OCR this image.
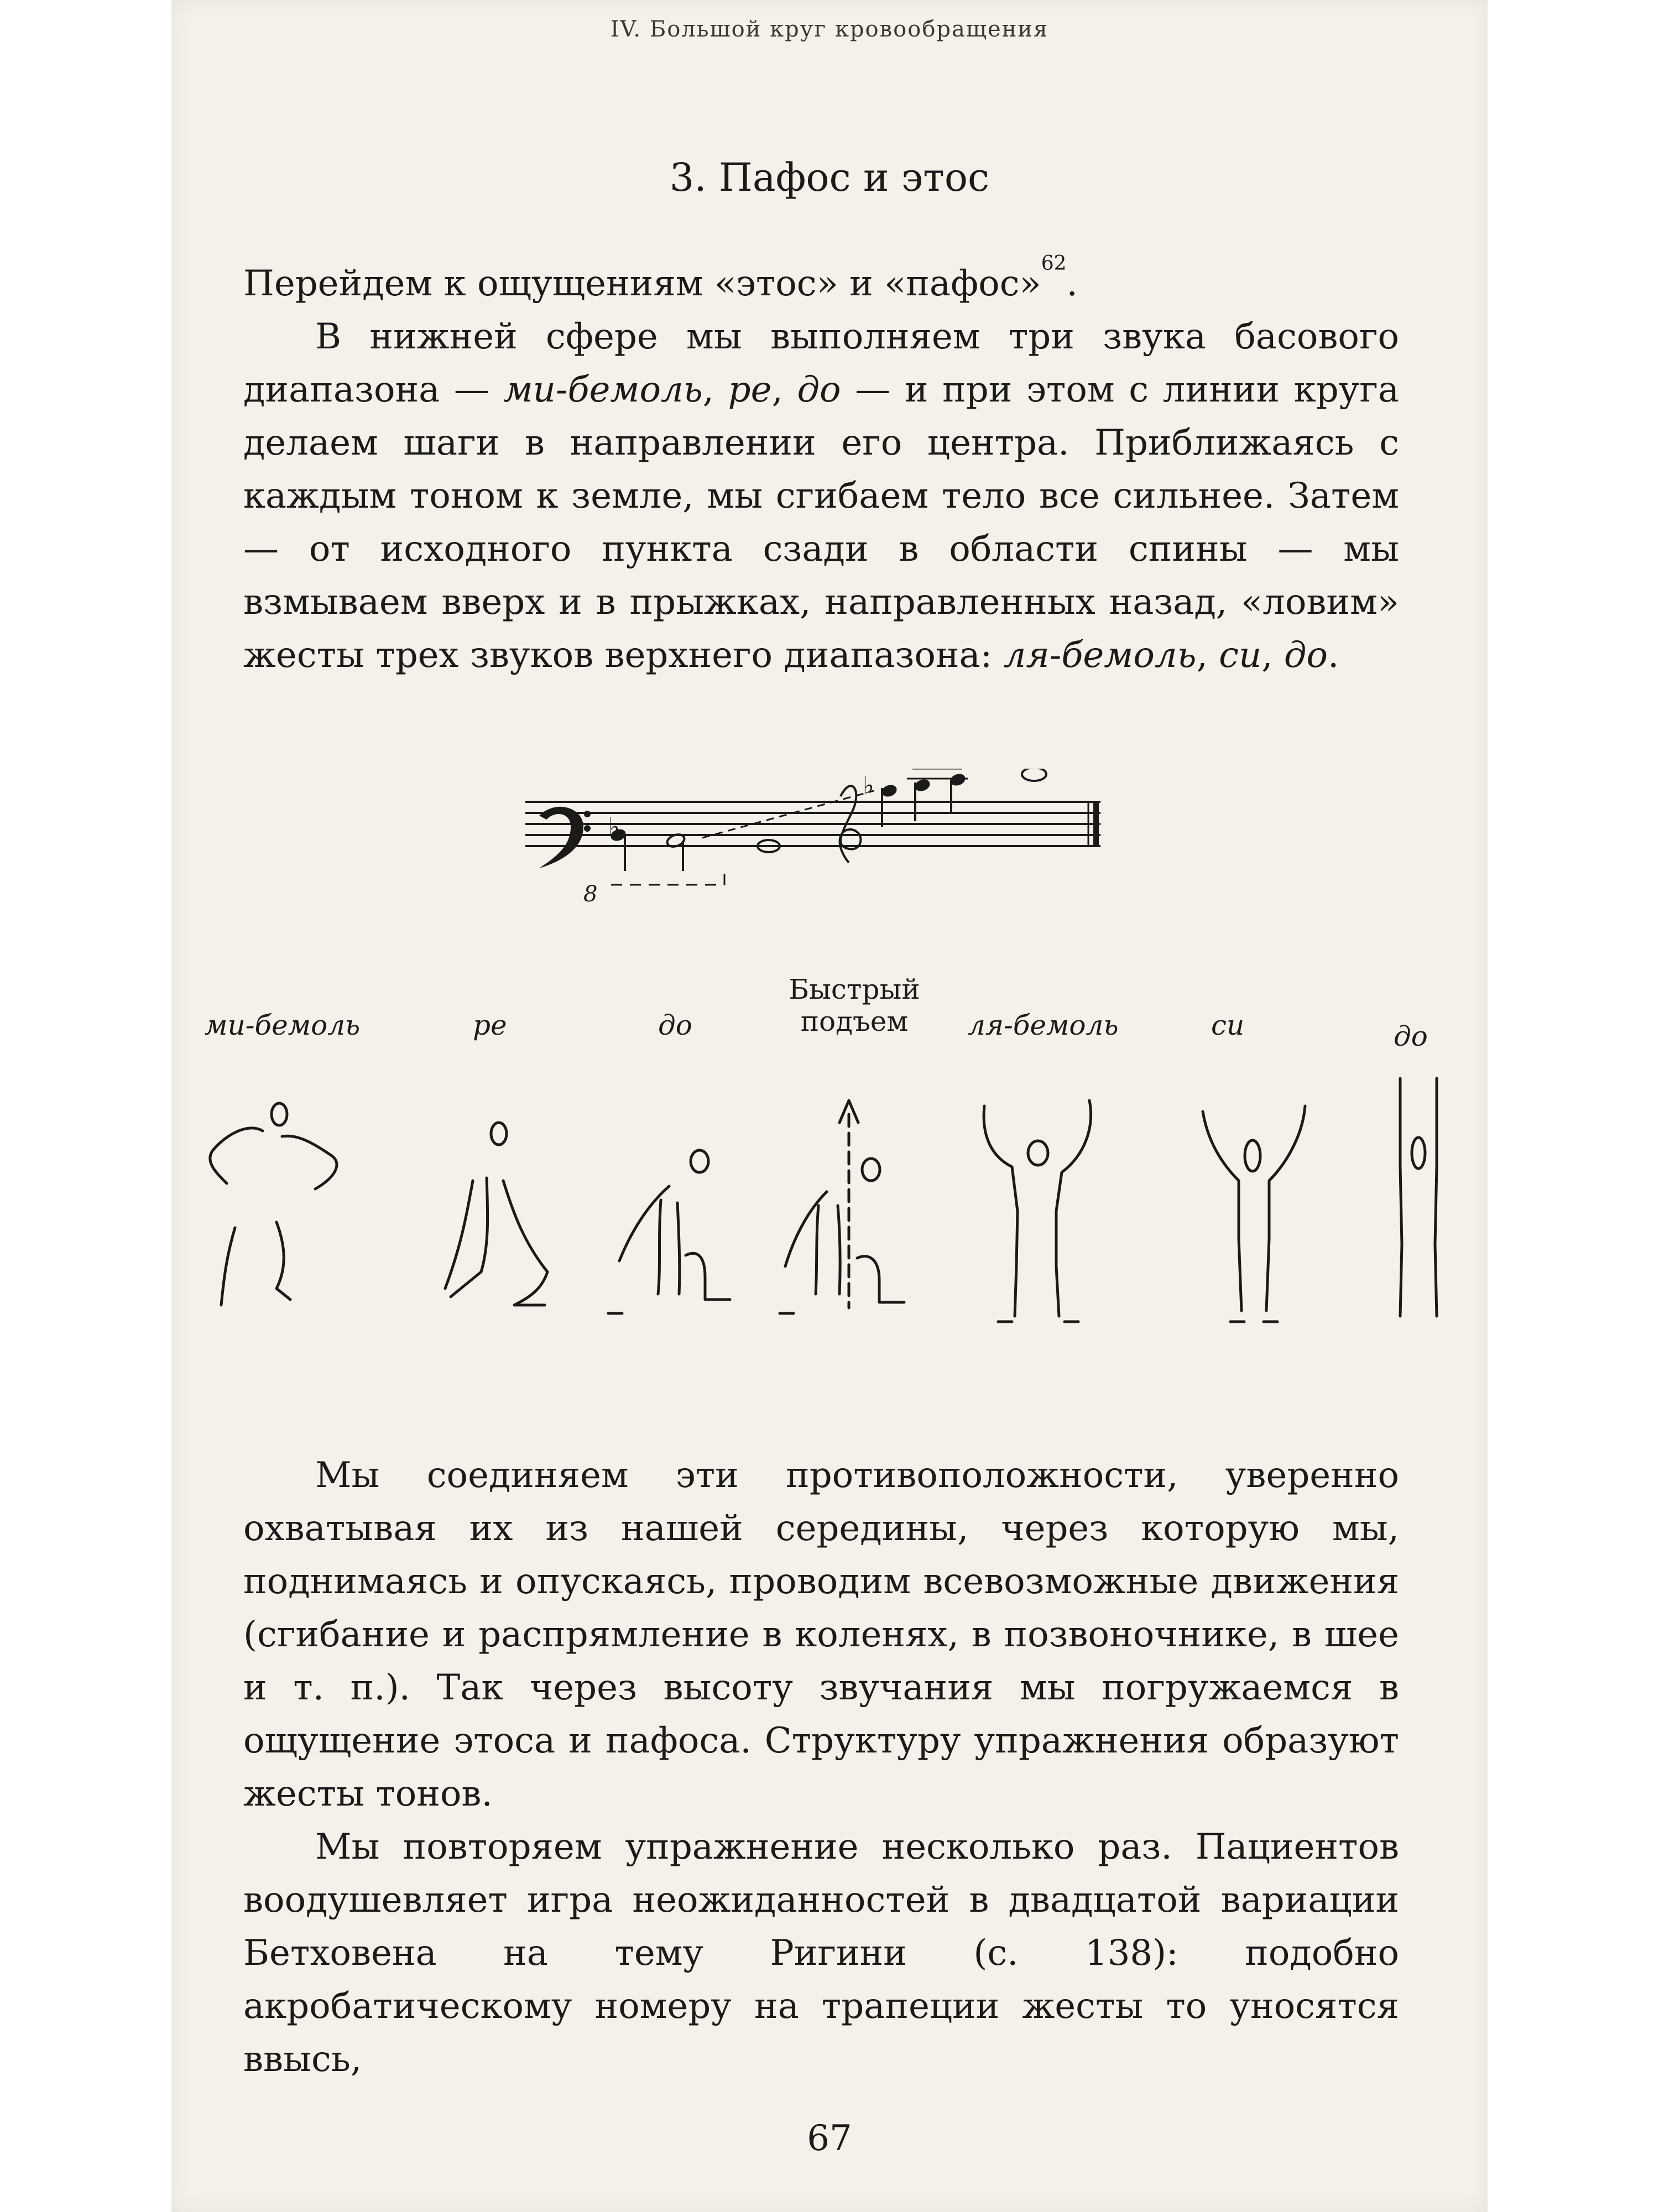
IV. Большой круг кровообращения
3. Пафос и этос

Перейдем к ощущениям «этос» и «пафос»$^{62}$.

В нижней сфере мы выполняем три звука басового диапазона — ми-бемоль, ре, до — и при этом с линии круга делаем шаги в направлении его центра. Приближаясь с каждым тоном к земле, мы сгибаем тело все сильнее. Затем — от исходного пункта сзади в области спины — мы взмываем вверх и в прыжках, направленных назад, «ловим» жесты трех звуков верхнего диапазона: ля-бемоль, си, до.

♭
♭
8
Быстрый
подъем
ми-бемоль	ре	до	ля-бемоль	си	до

Мы соединяем эти противоположности, уверенно охватывая их из нашей середины, через которую мы, поднимаясь и опускаясь, проводим всевозможные движения (сгибание и распрямление в коленях, в позвоночнике, в шее и т. п.). Так через высоту звучания мы погружаемся в ощущение этоса и пафоса. Структуру упражнения образуют жесты тонов.

Мы повторяем упражнение несколько раз. Пациентов воодушевляет игра неожиданностей в двадцатой вариации Бетховена на тему Ригини (с. 138): подобно акробатическому номеру на трапеции жесты то уносятся ввысь,

67
